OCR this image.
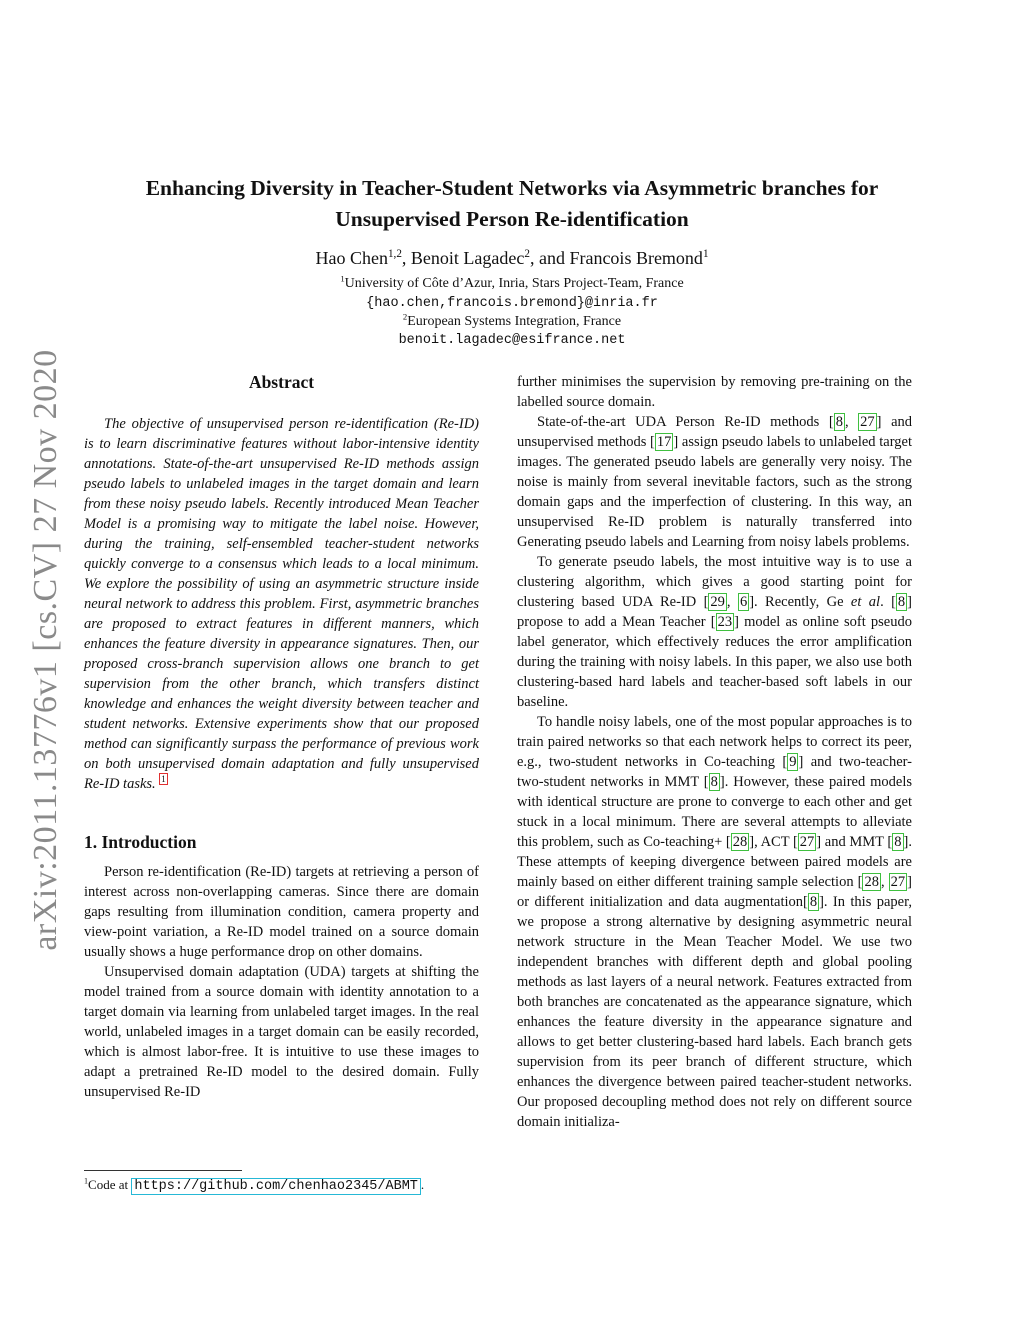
arXiv:2011.13776v1 [cs.CV] 27 Nov 2020
Enhancing Diversity in Teacher-Student Networks via Asymmetric branches for
Unsupervised Person Re-identification
Hao Chen$^{1,2}$, Benoit Lagadec$^2$, and Francois Bremond$^1$
$^1$University of Côte d’Azur, Inria, Stars Project-Team, France
{hao.chen,francois.bremond}@inria.fr
$^2$European Systems Integration, France
benoit.lagadec@esifrance.net
Abstract

The objective of unsupervised person re-identification (Re-ID) is to learn discriminative features without labor-intensive identity annotations. State-of-the-art unsupervised Re-ID methods assign pseudo labels to unlabeled images in the target domain and learn from these noisy pseudo labels. Recently introduced Mean Teacher Model is a promising way to mitigate the label noise. However, during the training, self-ensembled teacher-student networks quickly converge to a consensus which leads to a local minimum. We explore the possibility of using an asymmetric structure inside neural network to address this problem. First, asymmetric branches are proposed to extract features in different manners, which enhances the feature diversity in appearance signatures. Then, our proposed cross-branch supervision allows one branch to get supervision from the other branch, which transfers distinct knowledge and enhances the weight diversity between teacher and student networks. Extensive experiments show that our proposed method can significantly surpass the performance of previous work on both unsupervised domain adaptation and fully unsupervised Re-ID tasks. $^1$

1. Introduction

Person re-identification (Re-ID) targets at retrieving a person of interest across non-overlapping cameras. Since there are domain gaps resulting from illumination condition, camera property and view-point variation, a Re-ID model trained on a source domain usually shows a huge performance drop on other domains.

Unsupervised domain adaptation (UDA) targets at shifting the model trained from a source domain with identity annotation to a target domain via learning from unlabeled target images. In the real world, unlabeled images in a target domain can be easily recorded, which is almost labor-free. It is intuitive to use these images to adapt a pretrained Re-ID model to the desired domain. Fully unsupervised Re-ID

$^1$Code at https://github.com/chenhao2345/ABMT .

further minimises the supervision by removing pre-training on the labelled source domain.

State-of-the-art UDA Person Re-ID methods [ 8 , 27 ] and unsupervised methods [ 17 ] assign pseudo labels to unlabeled target images. The generated pseudo labels are generally very noisy. The noise is mainly from several inevitable factors, such as the strong domain gaps and the imperfection of clustering. In this way, an unsupervised Re-ID problem is naturally transferred into Generating pseudo labels and Learning from noisy labels problems.

To generate pseudo labels, the most intuitive way is to use a clustering algorithm, which gives a good starting point for clustering based UDA Re-ID [ 29 , 6 ]. Recently, Ge et al. [ 8 ] propose to add a Mean Teacher [ 23 ] model as online soft pseudo label generator, which effectively reduces the error amplification during the training with noisy labels. In this paper, we also use both clustering-based hard labels and teacher-based soft labels in our baseline.

To handle noisy labels, one of the most popular approaches is to train paired networks so that each network helps to correct its peer, e.g., two-student networks in Co-teaching [ 9 ] and two-teacher-two-student networks in MMT [ 8 ]. However, these paired models with identical structure are prone to converge to each other and get stuck in a local minimum. There are several attempts to alleviate this problem, such as Co-teaching+ [ 28 ], ACT [ 27 ] and MMT [ 8 ]. These attempts of keeping divergence between paired models are mainly based on either different training sample selection [ 28 , 27 ] or different initialization and data augmentation[ 8 ]. In this paper, we propose a strong alternative by designing asymmetric neural network structure in the Mean Teacher Model. We use two independent branches with different depth and global pooling methods as last layers of a neural network. Features extracted from both branches are concatenated as the appearance signature, which enhances the feature diversity in the appearance signature and allows to get better clustering-based hard labels. Each branch gets supervision from its peer branch of different structure, which enhances the divergence between paired teacher-student networks. Our proposed decoupling method does not rely on different source domain initializa-
